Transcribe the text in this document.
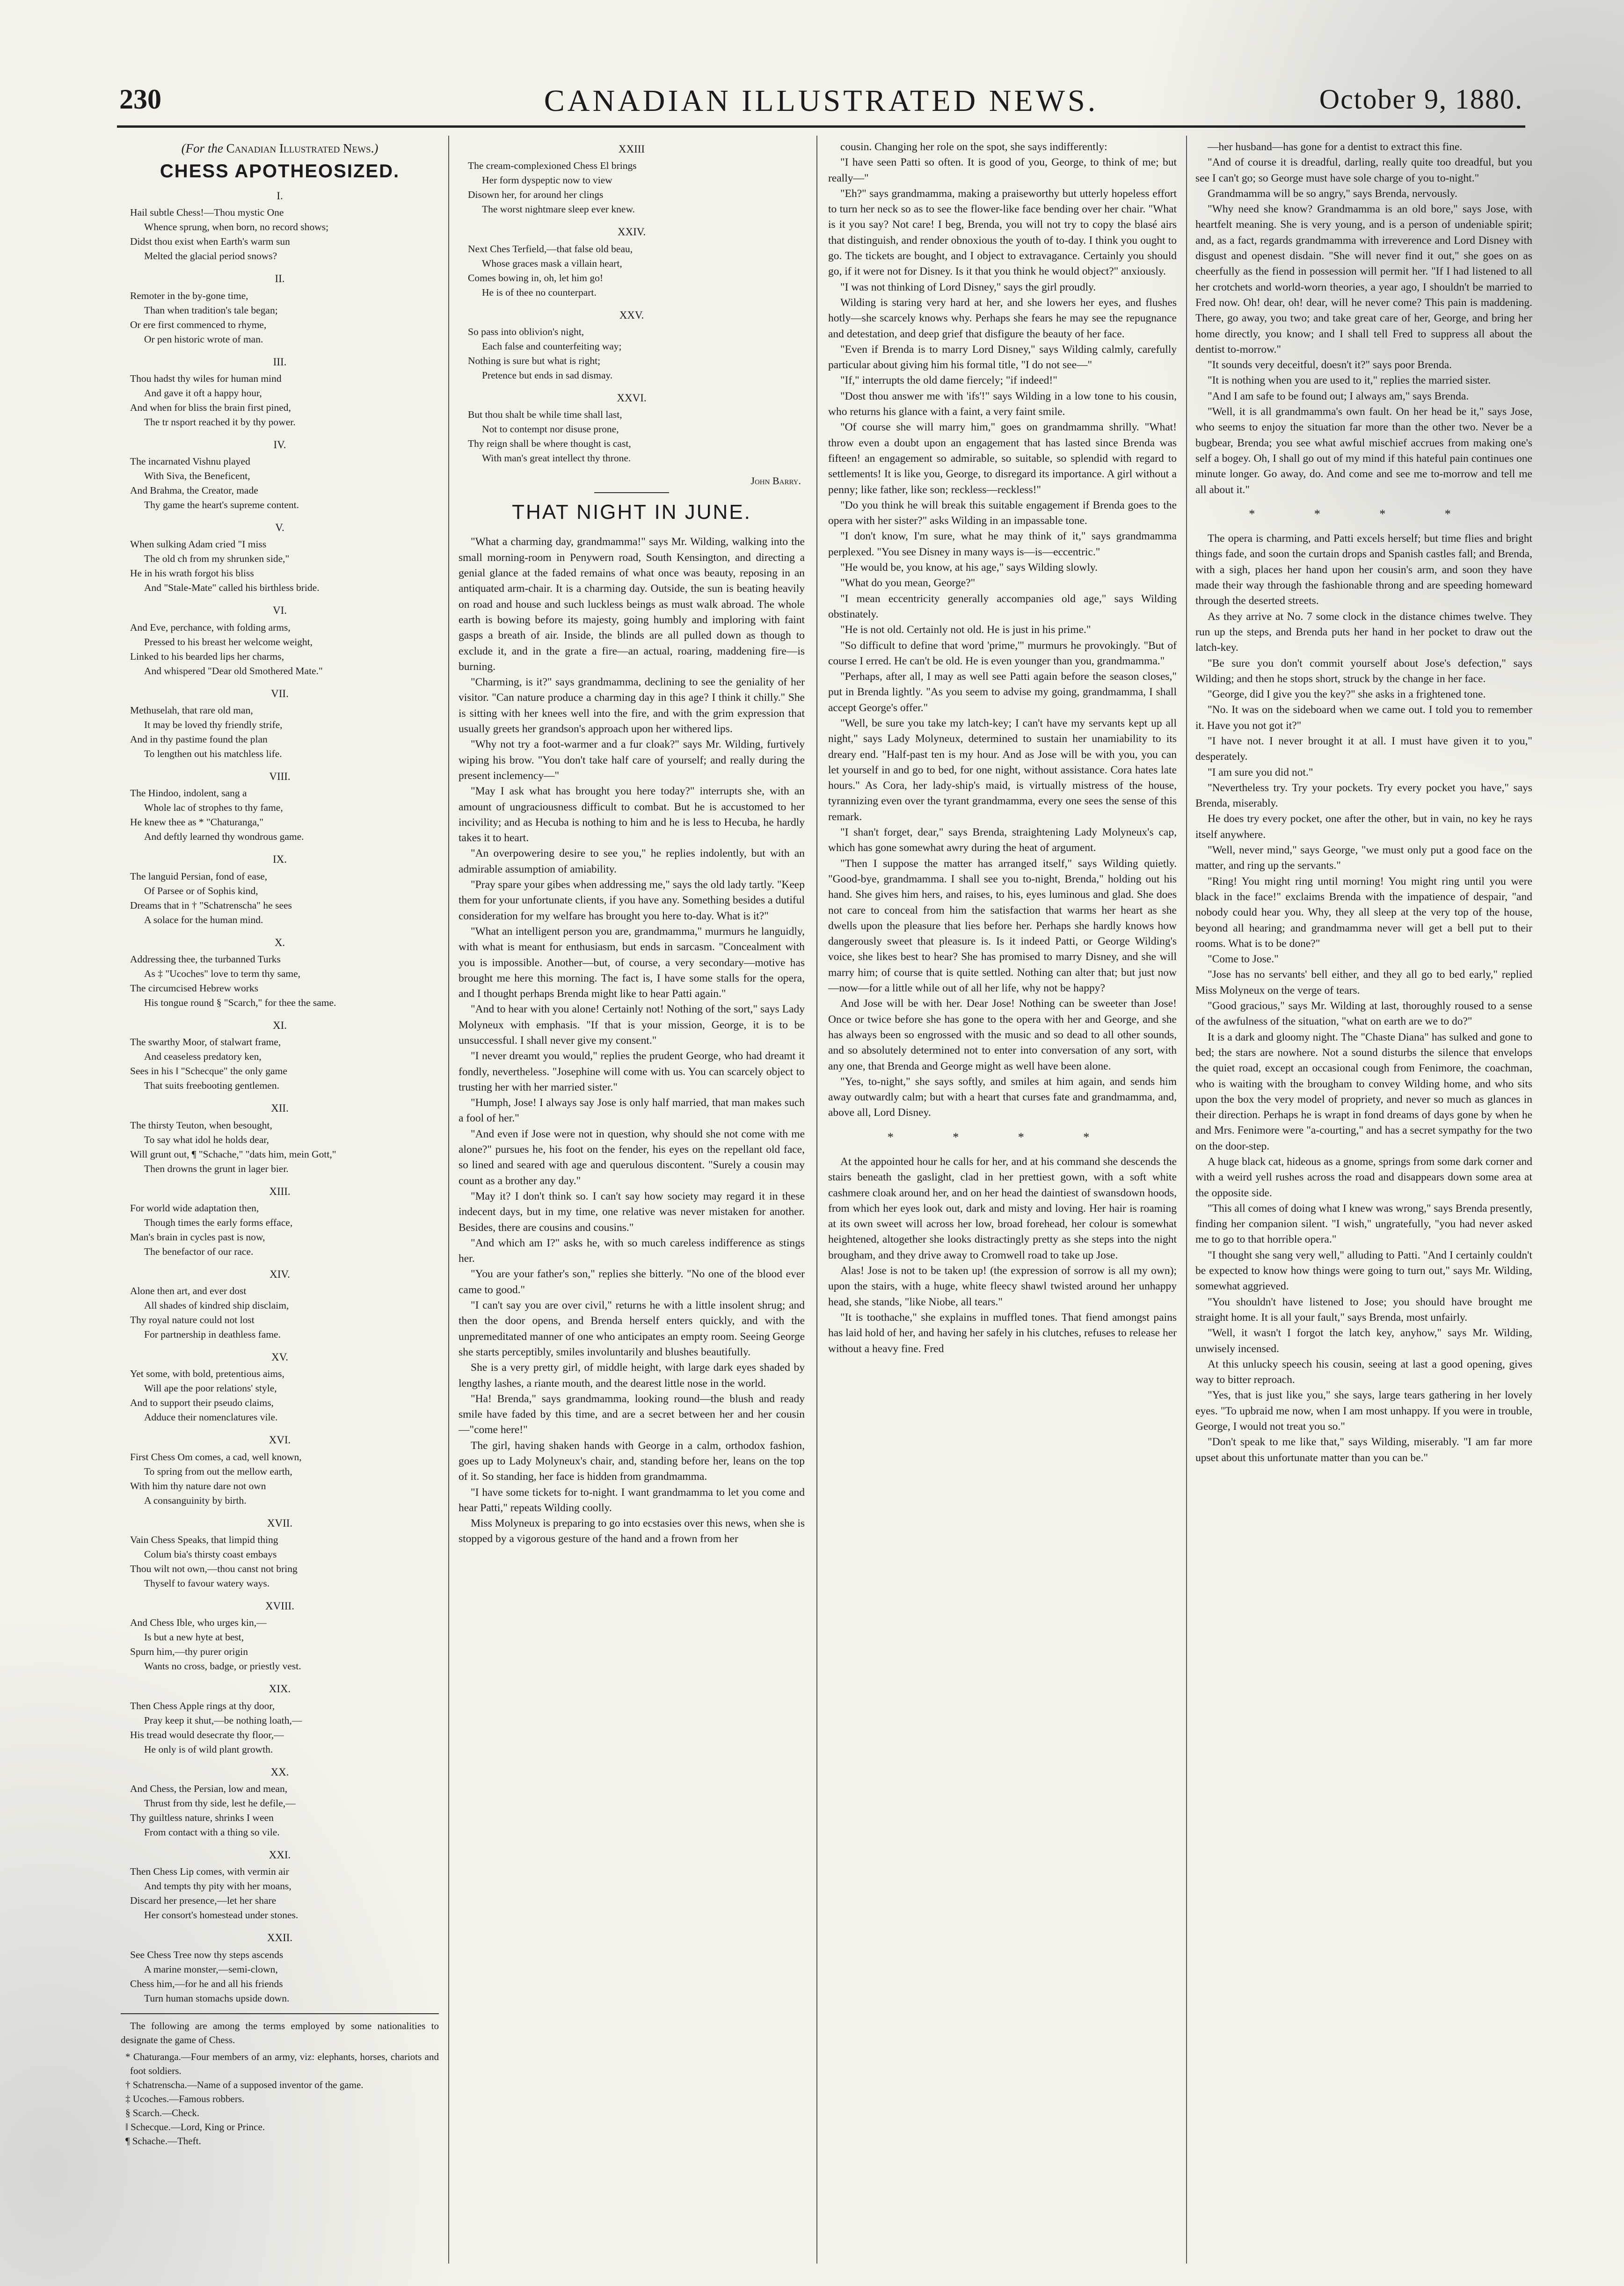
230	CANADIAN ILLUSTRATED NEWS.	October 9, 1880.
(For the Canadian Illustrated News.)
CHESS APOTHEOSIZED.
I.
Hail subtle Chess!—Thou mystic One
Whence sprung, when born, no record shows;
Didst thou exist when Earth's warm sun
Melted the glacial period snows?
II.
Remoter in the by-gone time,
Than when tradition's tale began;
Or ere first commenced to rhyme,
Or pen historic wrote of man.
III.
Thou hadst thy wiles for human mind
And gave it oft a happy hour,
And when for bliss the brain first pined,
The tr nsport reached it by thy power.
IV.
The incarnated Vishnu played
With Siva, the Beneficent,
And Brahma, the Creator, made
Thy game the heart's supreme content.
V.
When sulking Adam cried "I miss
The old ch from my shrunken side,"
He in his wrath forgot his bliss
And "Stale-Mate" called his birthless bride.
VI.
And Eve, perchance, with folding arms,
Pressed to his breast her welcome weight,
Linked to his bearded lips her charms,
And whispered "Dear old Smothered Mate."
VII.
Methuselah, that rare old man,
It may be loved thy friendly strife,
And in thy pastime found the plan
To lengthen out his matchless life.
VIII.
The Hindoo, indolent, sang a
Whole lac of strophes to thy fame,
He knew thee as * "Chaturanga,"
And deftly learned thy wondrous game.
IX.
The languid Persian, fond of ease,
Of Parsee or of Sophis kind,
Dreams that in † "Schatrenscha" he sees
A solace for the human mind.
X.
Addressing thee, the turbanned Turks
As ‡ "Ucoches" love to term thy same,
The circumcised Hebrew works
His tongue round § "Scarch," for thee the same.
XI.
The swarthy Moor, of stalwart frame,
And ceaseless predatory ken,
Sees in his ‖ "Schecque" the only game
That suits freebooting gentlemen.
XII.
The thirsty Teuton, when besought,
To say what idol he holds dear,
Will grunt out, ¶ "Schache," "dats him, mein Gott,"
Then drowns the grunt in lager bier.
XIII.
For world wide adaptation then,
Though times the early forms efface,
Man's brain in cycles past is now,
The benefactor of our race.
XIV.
Alone then art, and ever dost
All shades of kindred ship disclaim,
Thy royal nature could not lost
For partnership in deathless fame.
XV.
Yet some, with bold, pretentious aims,
Will ape the poor relations' style,
And to support their pseudo claims,
Adduce their nomenclatures vile.
XVI.
First Chess Om comes, a cad, well known,
To spring from out the mellow earth,
With him thy nature dare not own
A consanguinity by birth.
XVII.
Vain Chess Speaks, that limpid thing
Colum bia's thirsty coast embays
Thou wilt not own,—thou canst not bring
Thyself to favour watery ways.
XVIII.
And Chess Ible, who urges kin,—
Is but a new hyte at best,
Spurn him,—thy purer origin
Wants no cross, badge, or priestly vest.
XIX.
Then Chess Apple rings at thy door,
Pray keep it shut,—be nothing loath,—
His tread would desecrate thy floor,—
He only is of wild plant growth.
XX.
And Chess, the Persian, low and mean,
Thrust from thy side, lest he defile,—
Thy guiltless nature, shrinks I ween
From contact with a thing so vile.
XXI.
Then Chess Lip comes, with vermin air
And tempts thy pity with her moans,
Discard her presence,—let her share
Her consort's homestead under stones.
XXII.
See Chess Tree now thy steps ascends
A marine monster,—semi-clown,
Chess him,—for he and all his friends
Turn human stomachs upside down.

The following are among the terms employed by some nationalities to designate the game of Chess.

* Chaturanga.—Four members of an army, viz: elephants, horses, chariots and foot soldiers.

† Schatrenscha.—Name of a supposed inventor of the game.

‡ Ucoches.—Famous robbers.

§ Scarch.—Check.

‖ Schecque.—Lord, King or Prince.

¶ Schache.—Theft.

XXIII
The cream-complexioned Chess El brings
Her form dyspeptic now to view
Disown her, for around her clings
The worst nightmare sleep ever knew.
XXIV.
Next Ches Terfield,—that false old beau,
Whose graces mask a villain heart,
Comes bowing in, oh, let him go!
He is of thee no counterpart.
XXV.
So pass into oblivion's night,
Each false and counterfeiting way;
Nothing is sure but what is right;
Pretence but ends in sad dismay.
XXVI.
But thou shalt be while time shall last,
Not to contempt nor disuse prone,
Thy reign shall be where thought is cast,
With man's great intellect thy throne.
John Barry.
THAT NIGHT IN JUNE.

"What a charming day, grandmamma!" says Mr. Wilding, walking into the small morning-room in Penywern road, South Kensington, and directing a genial glance at the faded remains of what once was beauty, reposing in an antiquated arm-chair. It is a charming day. Outside, the sun is beating heavily on road and house and such luckless beings as must walk abroad. The whole earth is bowing before its majesty, going humbly and imploring with faint gasps a breath of air. Inside, the blinds are all pulled down as though to exclude it, and in the grate a fire—an actual, roaring, maddening fire—is burning.

"Charming, is it?" says grandmamma, declining to see the geniality of her visitor. "Can nature produce a charming day in this age? I think it chilly." She is sitting with her knees well into the fire, and with the grim expression that usually greets her grandson's approach upon her withered lips.

"Why not try a foot-warmer and a fur cloak?" says Mr. Wilding, furtively wiping his brow. "You don't take half care of yourself; and really during the present inclemency—"

"May I ask what has brought you here today?" interrupts she, with an amount of ungraciousness difficult to combat. But he is accustomed to her incivility; and as Hecuba is nothing to him and he is less to Hecuba, he hardly takes it to heart.

"An overpowering desire to see you," he replies indolently, but with an admirable assumption of amiability.

"Pray spare your gibes when addressing me," says the old lady tartly. "Keep them for your unfortunate clients, if you have any. Something besides a dutiful consideration for my welfare has brought you here to-day. What is it?"

"What an intelligent person you are, grandmamma," murmurs he languidly, with what is meant for enthusiasm, but ends in sarcasm. "Concealment with you is impossible. Another—but, of course, a very secondary—motive has brought me here this morning. The fact is, I have some stalls for the opera, and I thought perhaps Brenda might like to hear Patti again."

"And to hear with you alone! Certainly not! Nothing of the sort," says Lady Molyneux with emphasis. "If that is your mission, George, it is to be unsuccessful. I shall never give my consent."

"I never dreamt you would," replies the prudent George, who had dreamt it fondly, nevertheless. "Josephine will come with us. You can scarcely object to trusting her with her married sister."

"Humph, Jose! I always say Jose is only half married, that man makes such a fool of her."

"And even if Jose were not in question, why should she not come with me alone?" pursues he, his foot on the fender, his eyes on the repellant old face, so lined and seared with age and querulous discontent. "Surely a cousin may count as a brother any day."

"May it? I don't think so. I can't say how society may regard it in these indecent days, but in my time, one relative was never mistaken for another. Besides, there are cousins and cousins."

"And which am I?" asks he, with so much careless indifference as stings her.

"You are your father's son," replies she bitterly. "No one of the blood ever came to good."

"I can't say you are over civil," returns he with a little insolent shrug; and then the door opens, and Brenda herself enters quickly, and with the unpremeditated manner of one who anticipates an empty room. Seeing George she starts perceptibly, smiles involuntarily and blushes beautifully.

She is a very pretty girl, of middle height, with large dark eyes shaded by lengthy lashes, a riante mouth, and the dearest little nose in the world.

"Ha! Brenda," says grandmamma, looking round—the blush and ready smile have faded by this time, and are a secret between her and her cousin—"come here!"

The girl, having shaken hands with George in a calm, orthodox fashion, goes up to Lady Molyneux's chair, and, standing before her, leans on the top of it. So standing, her face is hidden from grandmamma.

"I have some tickets for to-night. I want grandmamma to let you come and hear Patti," repeats Wilding coolly.

Miss Molyneux is preparing to go into ecstasies over this news, when she is stopped by a vigorous gesture of the hand and a frown from her

cousin. Changing her role on the spot, she says indifferently:

"I have seen Patti so often. It is good of you, George, to think of me; but really—"

"Eh?" says grandmamma, making a praiseworthy but utterly hopeless effort to turn her neck so as to see the flower-like face bending over her chair. "What is it you say? Not care! I beg, Brenda, you will not try to copy the blasé airs that distinguish, and render obnoxious the youth of to-day. I think you ought to go. The tickets are bought, and I object to extravagance. Certainly you should go, if it were not for Disney. Is it that you think he would object?" anxiously.

"I was not thinking of Lord Disney," says the girl proudly.

Wilding is staring very hard at her, and she lowers her eyes, and flushes hotly—she scarcely knows why. Perhaps she fears he may see the repugnance and detestation, and deep grief that disfigure the beauty of her face.

"Even if Brenda is to marry Lord Disney," says Wilding calmly, carefully particular about giving him his formal title, "I do not see—"

"If," interrupts the old dame fiercely; "if indeed!"

"Dost thou answer me with 'ifs'!" says Wilding in a low tone to his cousin, who returns his glance with a faint, a very faint smile.

"Of course she will marry him," goes on grandmamma shrilly. "What! throw even a doubt upon an engagement that has lasted since Brenda was fifteen! an engagement so admirable, so suitable, so splendid with regard to settlements! It is like you, George, to disregard its importance. A girl without a penny; like father, like son; reckless—reckless!"

"Do you think he will break this suitable engagement if Brenda goes to the opera with her sister?" asks Wilding in an impassable tone.

"I don't know, I'm sure, what he may think of it," says grandmamma perplexed. "You see Disney in many ways is—is—eccentric."

"He would be, you know, at his age," says Wilding slowly.

"What do you mean, George?"

"I mean eccentricity generally accompanies old age," says Wilding obstinately.

"He is not old. Certainly not old. He is just in his prime."

"So difficult to define that word 'prime,'" murmurs he provokingly. "But of course I erred. He can't be old. He is even younger than you, grandmamma."

"Perhaps, after all, I may as well see Patti again before the season closes," put in Brenda lightly. "As you seem to advise my going, grandmamma, I shall accept George's offer."

"Well, be sure you take my latch-key; I can't have my servants kept up all night," says Lady Molyneux, determined to sustain her unamiability to its dreary end. "Half-past ten is my hour. And as Jose will be with you, you can let yourself in and go to bed, for one night, without assistance. Cora hates late hours." As Cora, her lady-ship's maid, is virtually mistress of the house, tyrannizing even over the tyrant grandmamma, every one sees the sense of this remark.

"I shan't forget, dear," says Brenda, straightening Lady Molyneux's cap, which has gone somewhat awry during the heat of argument.

"Then I suppose the matter has arranged itself," says Wilding quietly. "Good-bye, grandmamma. I shall see you to-night, Brenda," holding out his hand. She gives him hers, and raises, to his, eyes luminous and glad. She does not care to conceal from him the satisfaction that warms her heart as she dwells upon the pleasure that lies before her. Perhaps she hardly knows how dangerously sweet that pleasure is. Is it indeed Patti, or George Wilding's voice, she likes best to hear? She has promised to marry Disney, and she will marry him; of course that is quite settled. Nothing can alter that; but just now—now—for a little while out of all her life, why not be happy?

And Jose will be with her. Dear Jose! Nothing can be sweeter than Jose! Once or twice before she has gone to the opera with her and George, and she has always been so engrossed with the music and so dead to all other sounds, and so absolutely determined not to enter into conversation of any sort, with any one, that Brenda and George might as well have been alone.

"Yes, to-night," she says softly, and smiles at him again, and sends him away outwardly calm; but with a heart that curses fate and grandmamma, and, above all, Lord Disney.

* * * *

At the appointed hour he calls for her, and at his command she descends the stairs beneath the gaslight, clad in her prettiest gown, with a soft white cashmere cloak around her, and on her head the daintiest of swansdown hoods, from which her eyes look out, dark and misty and loving. Her hair is roaming at its own sweet will across her low, broad forehead, her colour is somewhat heightened, altogether she looks distractingly pretty as she steps into the night brougham, and they drive away to Cromwell road to take up Jose.

Alas! Jose is not to be taken up! (the expression of sorrow is all my own); upon the stairs, with a huge, white fleecy shawl twisted around her unhappy head, she stands, "like Niobe, all tears."

"It is toothache," she explains in muffled tones. That fiend amongst pains has laid hold of her, and having her safely in his clutches, refuses to release her without a heavy fine. Fred

—her husband—has gone for a dentist to extract this fine.

"And of course it is dreadful, darling, really quite too dreadful, but you see I can't go; so George must have sole charge of you to-night."

Grandmamma will be so angry," says Brenda, nervously.

"Why need she know? Grandmamma is an old bore," says Jose, with heartfelt meaning. She is very young, and is a person of undeniable spirit; and, as a fact, regards grandmamma with irreverence and Lord Disney with disgust and openest disdain. "She will never find it out," she goes on as cheerfully as the fiend in possession will permit her. "If I had listened to all her crotchets and world-worn theories, a year ago, I shouldn't be married to Fred now. Oh! dear, oh! dear, will he never come? This pain is maddening. There, go away, you two; and take great care of her, George, and bring her home directly, you know; and I shall tell Fred to suppress all about the dentist to-morrow."

"It sounds very deceitful, doesn't it?" says poor Brenda.

"It is nothing when you are used to it," replies the married sister.

"And I am safe to be found out; I always am," says Brenda.

"Well, it is all grandmamma's own fault. On her head be it," says Jose, who seems to enjoy the situation far more than the other two. Never be a bugbear, Brenda; you see what awful mischief accrues from making one's self a bogey. Oh, I shall go out of my mind if this hateful pain continues one minute longer. Go away, do. And come and see me to-morrow and tell me all about it."

* * * *

The opera is charming, and Patti excels herself; but time flies and bright things fade, and soon the curtain drops and Spanish castles fall; and Brenda, with a sigh, places her hand upon her cousin's arm, and soon they have made their way through the fashionable throng and are speeding homeward through the deserted streets.

As they arrive at No. 7 some clock in the distance chimes twelve. They run up the steps, and Brenda puts her hand in her pocket to draw out the latch-key.

"Be sure you don't commit yourself about Jose's defection," says Wilding; and then he stops short, struck by the change in her face.

"George, did I give you the key?" she asks in a frightened tone.

"No. It was on the sideboard when we came out. I told you to remember it. Have you not got it?"

"I have not. I never brought it at all. I must have given it to you," desperately.

"I am sure you did not."

"Nevertheless try. Try your pockets. Try every pocket you have," says Brenda, miserably.

He does try every pocket, one after the other, but in vain, no key he rays itself anywhere.

"Well, never mind," says George, "we must only put a good face on the matter, and ring up the servants."

"Ring! You might ring until morning! You might ring until you were black in the face!" exclaims Brenda with the impatience of despair, "and nobody could hear you. Why, they all sleep at the very top of the house, beyond all hearing; and grandmamma never will get a bell put to their rooms. What is to be done?"

"Come to Jose."

"Jose has no servants' bell either, and they all go to bed early," replied Miss Molyneux on the verge of tears.

"Good gracious," says Mr. Wilding at last, thoroughly roused to a sense of the awfulness of the situation, "what on earth are we to do?"

It is a dark and gloomy night. The "Chaste Diana" has sulked and gone to bed; the stars are nowhere. Not a sound disturbs the silence that envelops the quiet road, except an occasional cough from Fenimore, the coachman, who is waiting with the brougham to convey Wilding home, and who sits upon the box the very model of propriety, and never so much as glances in their direction. Perhaps he is wrapt in fond dreams of days gone by when he and Mrs. Fenimore were "a-courting," and has a secret sympathy for the two on the door-step.

A huge black cat, hideous as a gnome, springs from some dark corner and with a weird yell rushes across the road and disappears down some area at the opposite side.

"This all comes of doing what I knew was wrong," says Brenda presently, finding her companion silent. "I wish," ungratefully, "you had never asked me to go to that horrible opera."

"I thought she sang very well," alluding to Patti. "And I certainly couldn't be expected to know how things were going to turn out," says Mr. Wilding, somewhat aggrieved.

"You shouldn't have listened to Jose; you should have brought me straight home. It is all your fault," says Brenda, most unfairly.

"Well, it wasn't I forgot the latch key, anyhow," says Mr. Wilding, unwisely incensed.

At this unlucky speech his cousin, seeing at last a good opening, gives way to bitter reproach.

"Yes, that is just like you," she says, large tears gathering in her lovely eyes. "To upbraid me now, when I am most unhappy. If you were in trouble, George, I would not treat you so."

"Don't speak to me like that," says Wilding, miserably. "I am far more upset about this unfortunate matter than you can be."
